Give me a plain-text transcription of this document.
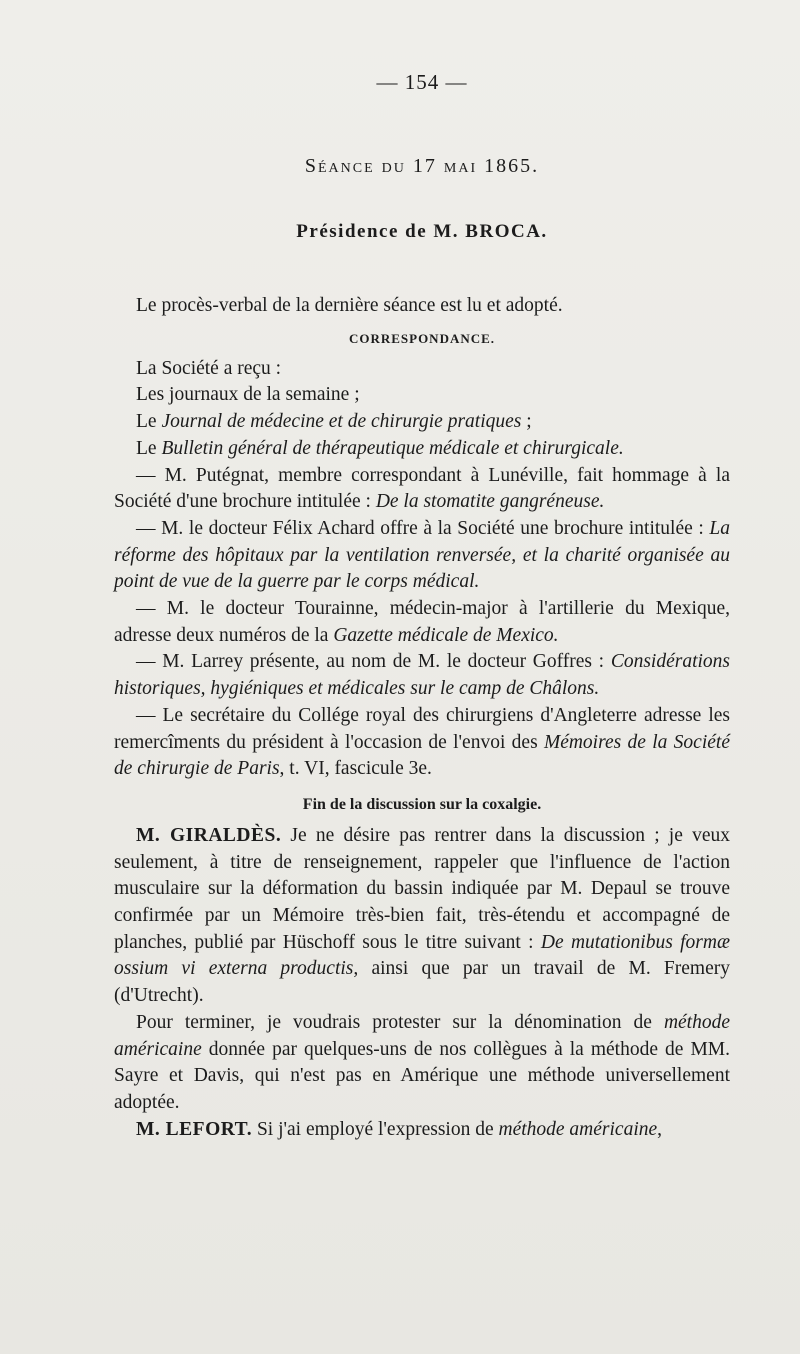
— 154 —
Séance du 17 mai 1865.
Présidence de M. BROCA.

Le procès-verbal de la dernière séance est lu et adopté.

CORRESPONDANCE.

La Société a reçu :

Les journaux de la semaine ;

Le Journal de médecine et de chirurgie pratiques ;

Le Bulletin général de thérapeutique médicale et chirurgicale.

— M. Putégnat, membre correspondant à Lunéville, fait hommage à la Société d'une brochure intitulée : De la stomatite gangréneuse.

— M. le docteur Félix Achard offre à la Société une brochure intitulée : La réforme des hôpitaux par la ventilation renversée, et la charité organisée au point de vue de la guerre par le corps médical.

— M. le docteur Tourainne, médecin-major à l'artillerie du Mexique, adresse deux numéros de la Gazette médicale de Mexico.

— M. Larrey présente, au nom de M. le docteur Goffres : Considérations historiques, hygiéniques et médicales sur le camp de Châlons.

— Le secrétaire du Collége royal des chirurgiens d'Angleterre adresse les remercîments du président à l'occasion de l'envoi des Mémoires de la Société de chirurgie de Paris, t. VI, fascicule 3e.

Fin de la discussion sur la coxalgie.

M. GIRALDÈS. Je ne désire pas rentrer dans la discussion ; je veux seulement, à titre de renseignement, rappeler que l'influence de l'action musculaire sur la déformation du bassin indiquée par M. Depaul se trouve confirmée par un Mémoire très-bien fait, très-étendu et accompagné de planches, publié par Hüschoff sous le titre suivant : De mutationibus formæ ossium vi externa productis, ainsi que par un travail de M. Fremery (d'Utrecht).

Pour terminer, je voudrais protester sur la dénomination de méthode américaine donnée par quelques-uns de nos collègues à la méthode de MM. Sayre et Davis, qui n'est pas en Amérique une méthode universellement adoptée.

M. LEFORT. Si j'ai employé l'expression de méthode américaine,
